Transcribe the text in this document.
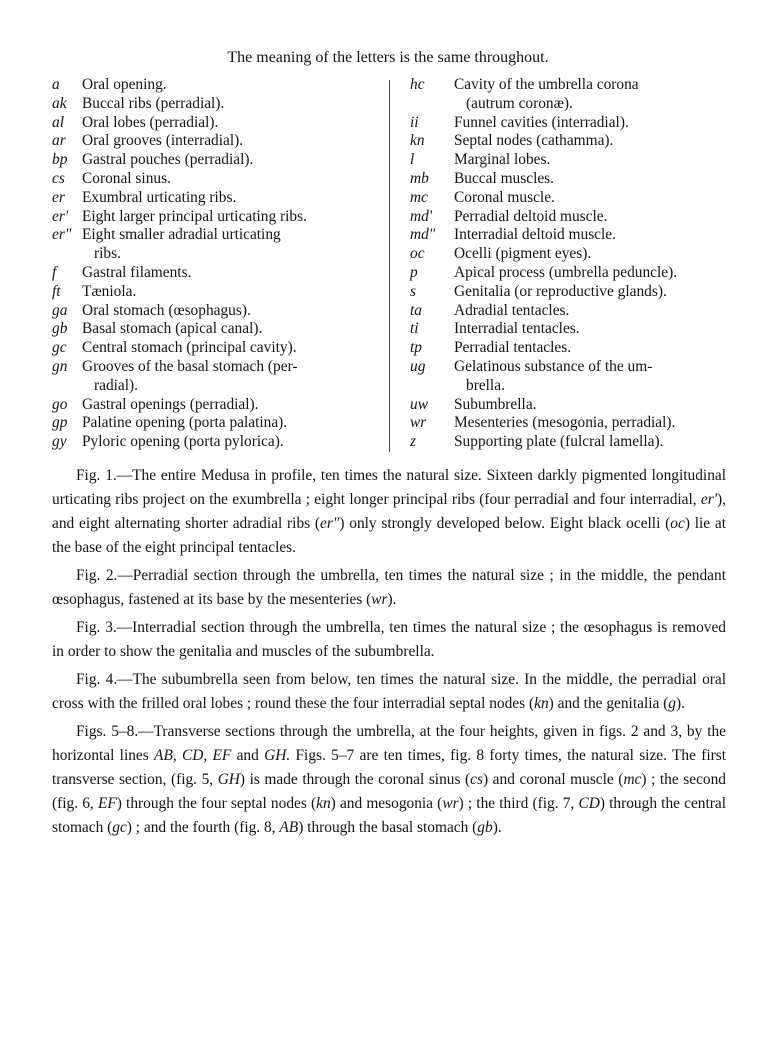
The meaning of the letters is the same throughout.
a	Oral opening.
ak	Buccal ribs (perradial).
al	Oral lobes (perradial).
ar	Oral grooves (interradial).
bp Gastral pouches (perradial).
cs	Coronal sinus.
er	Exumbral urticating ribs.
er' Eight larger principal urticating ribs.
er" Eight smaller adradial urticating
ribs.
f	Gastral filaments.
ft	Tæniola.
ga Oral stomach (œsophagus).
gb Basal stomach (apical canal).
gc	Central stomach (principal cavity).
gn Grooves of the basal stomach (per-
radial).
go Gastral openings (perradial).
gp Palatine opening (porta palatina).
gy	Pyloric opening (porta pylorica).
hc	Cavity of the umbrella corona
(autrum coronæ).
ii	Funnel cavities (interradial).
kn	Septal nodes (cathamma).
l	Marginal lobes.
mb	Buccal muscles.
mc	Coronal muscle.
md'	Perradial deltoid muscle.
md"	Interradial deltoid muscle.
oc	Ocelli (pigment eyes).
p	Apical process (umbrella peduncle).
s	Genitalia (or reproductive glands).
ta	Adradial tentacles.
ti	Interradial tentacles.
tp	Perradial tentacles.
ug	Gelatinous substance of the um-
brella.
uw	Subumbrella.
wr	Mesenteries (mesogonia, perradial).
z	Supporting plate (fulcral lamella).

Fig. 1.—The entire Medusa in profile, ten times the natural size. Sixteen darkly pigmented longitudinal urticating ribs project on the exumbrella ; eight longer principal ribs (four perradial and four interradial, er'), and eight alternating shorter adradial ribs (er") only strongly developed below. Eight black ocelli (oc) lie at the base of the eight principal tentacles.

Fig. 2.—Perradial section through the umbrella, ten times the natural size ; in the middle, the pendant œsophagus, fastened at its base by the mesenteries (wr).

Fig. 3.—Interradial section through the umbrella, ten times the natural size ; the œsophagus is removed in order to show the genitalia and muscles of the subumbrella.

Fig. 4.—The subumbrella seen from below, ten times the natural size. In the middle, the perradial oral cross with the frilled oral lobes ; round these the four interradial septal nodes (kn) and the genitalia (g).

Figs. 5–8.—Transverse sections through the umbrella, at the four heights, given in figs. 2 and 3, by the horizontal lines AB, CD, EF and GH. Figs. 5–7 are ten times, fig. 8 forty times, the natural size. The first transverse section, (fig. 5, GH) is made through the coronal sinus (cs) and coronal muscle (mc) ; the second (fig. 6, EF) through the four septal nodes (kn) and mesogonia (wr) ; the third (fig. 7, CD) through the central stomach (gc) ; and the fourth (fig. 8, AB) through the basal stomach (gb).
